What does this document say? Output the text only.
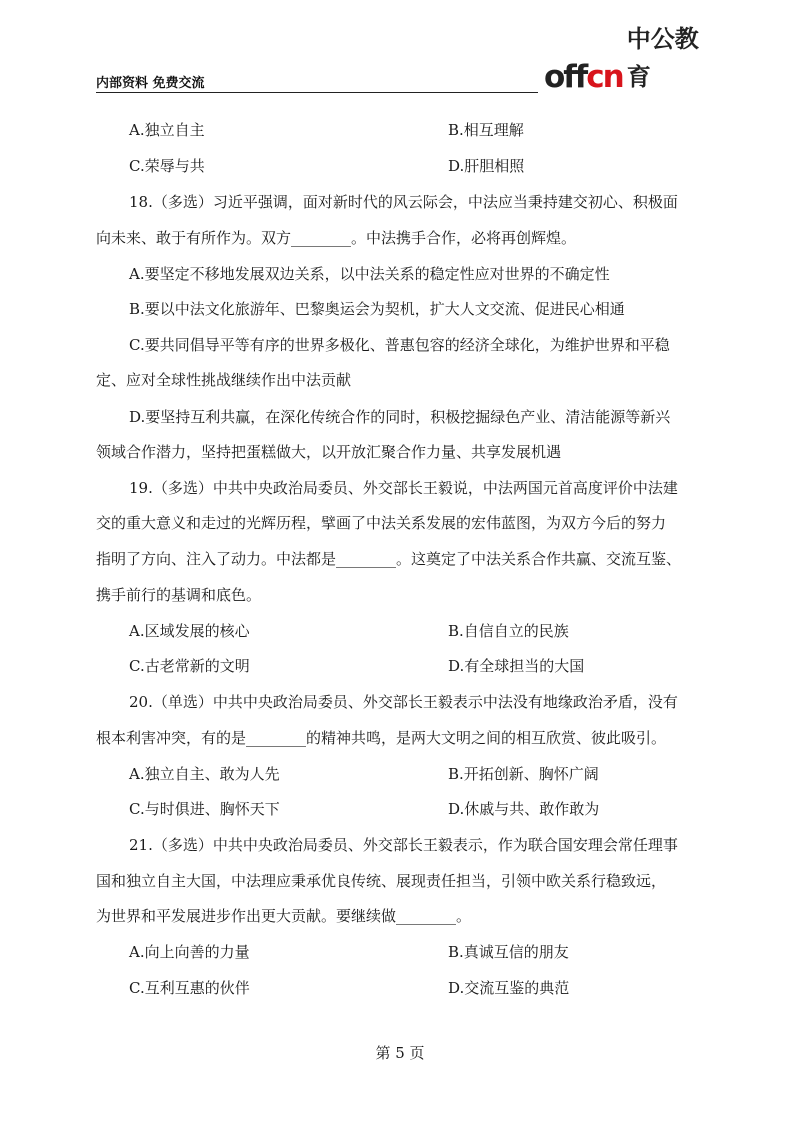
内部资料 免费交流	offcn
中公教育
A.独立自主	B.相互理解
C.荣辱与共	D.肝胆相照
18.（多选）习近平强调，面对新时代的风云际会，中法应当秉持建交初心、积极面
向未来、敢于有所作为。双方________。中法携手合作，必将再创辉煌。
A.要坚定不移地发展双边关系，以中法关系的稳定性应对世界的不确定性
B.要以中法文化旅游年、巴黎奥运会为契机，扩大人文交流、促进民心相通
C.要共同倡导平等有序的世界多极化、普惠包容的经济全球化，为维护世界和平稳
定、应对全球性挑战继续作出中法贡献
D.要坚持互利共赢，在深化传统合作的同时，积极挖掘绿色产业、清洁能源等新兴
领域合作潜力，坚持把蛋糕做大，以开放汇聚合作力量、共享发展机遇
19.（多选）中共中央政治局委员、外交部长王毅说，中法两国元首高度评价中法建
交的重大意义和走过的光辉历程，擘画了中法关系发展的宏伟蓝图，为双方今后的努力
指明了方向、注入了动力。中法都是________。这奠定了中法关系合作共赢、交流互鉴、
携手前行的基调和底色。
A.区域发展的核心	B.自信自立的民族
C.古老常新的文明	D.有全球担当的大国
20.（单选）中共中央政治局委员、外交部长王毅表示中法没有地缘政治矛盾，没有
根本利害冲突，有的是________的精神共鸣，是两大文明之间的相互欣赏、彼此吸引。
A.独立自主、敢为人先	B.开拓创新、胸怀广阔
C.与时俱进、胸怀天下	D.休戚与共、敢作敢为
21.（多选）中共中央政治局委员、外交部长王毅表示，作为联合国安理会常任理事
国和独立自主大国，中法理应秉承优良传统、展现责任担当，引领中欧关系行稳致远，
为世界和平发展进步作出更大贡献。要继续做________。
A.向上向善的力量	B.真诚互信的朋友
C.互利互惠的伙伴	D.交流互鉴的典范
第 5 页
